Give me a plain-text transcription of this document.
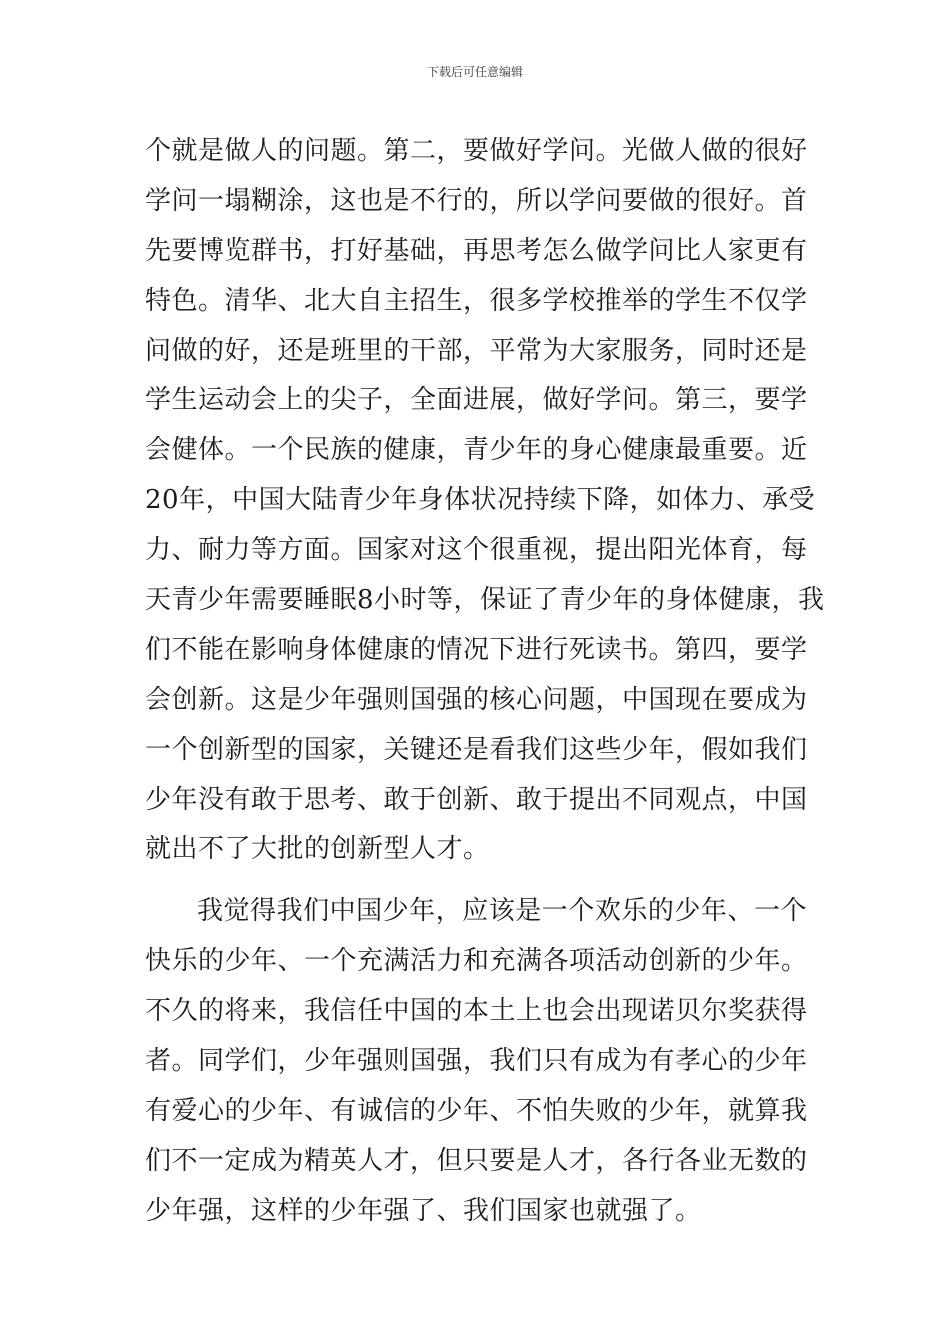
下载后可任意编辑
个就是做人的问题。第二，要做好学问。光做人做的很好
学问一塌糊涂，这也是不行的，所以学问要做的很好。首
先要博览群书，打好基础，再思考怎么做学问比人家更有
特色。清华、北大自主招生，很多学校推举的学生不仅学
问做的好，还是班里的干部，平常为大家服务，同时还是
学生运动会上的尖子，全面进展，做好学问。第三，要学
会健体。一个民族的健康，青少年的身心健康最重要。近
20年，中国大陆青少年身体状况持续下降，如体力、承受
力、耐力等方面。国家对这个很重视，提出阳光体育，每
天青少年需要睡眠8小时等，保证了青少年的身体健康，我
们不能在影响身体健康的情况下进行死读书。第四，要学
会创新。这是少年强则国强的核心问题，中国现在要成为
一个创新型的国家，关键还是看我们这些少年，假如我们
少年没有敢于思考、敢于创新、敢于提出不同观点，中国
就出不了大批的创新型人才。
我觉得我们中国少年，应该是一个欢乐的少年、一个
快乐的少年、一个充满活力和充满各项活动创新的少年。
不久的将来，我信任中国的本土上也会出现诺贝尔奖获得
者。同学们，少年强则国强，我们只有成为有孝心的少年
有爱心的少年、有诚信的少年、不怕失败的少年，就算我
们不一定成为精英人才，但只要是人才，各行各业无数的
少年强，这样的少年强了、我们国家也就强了。
